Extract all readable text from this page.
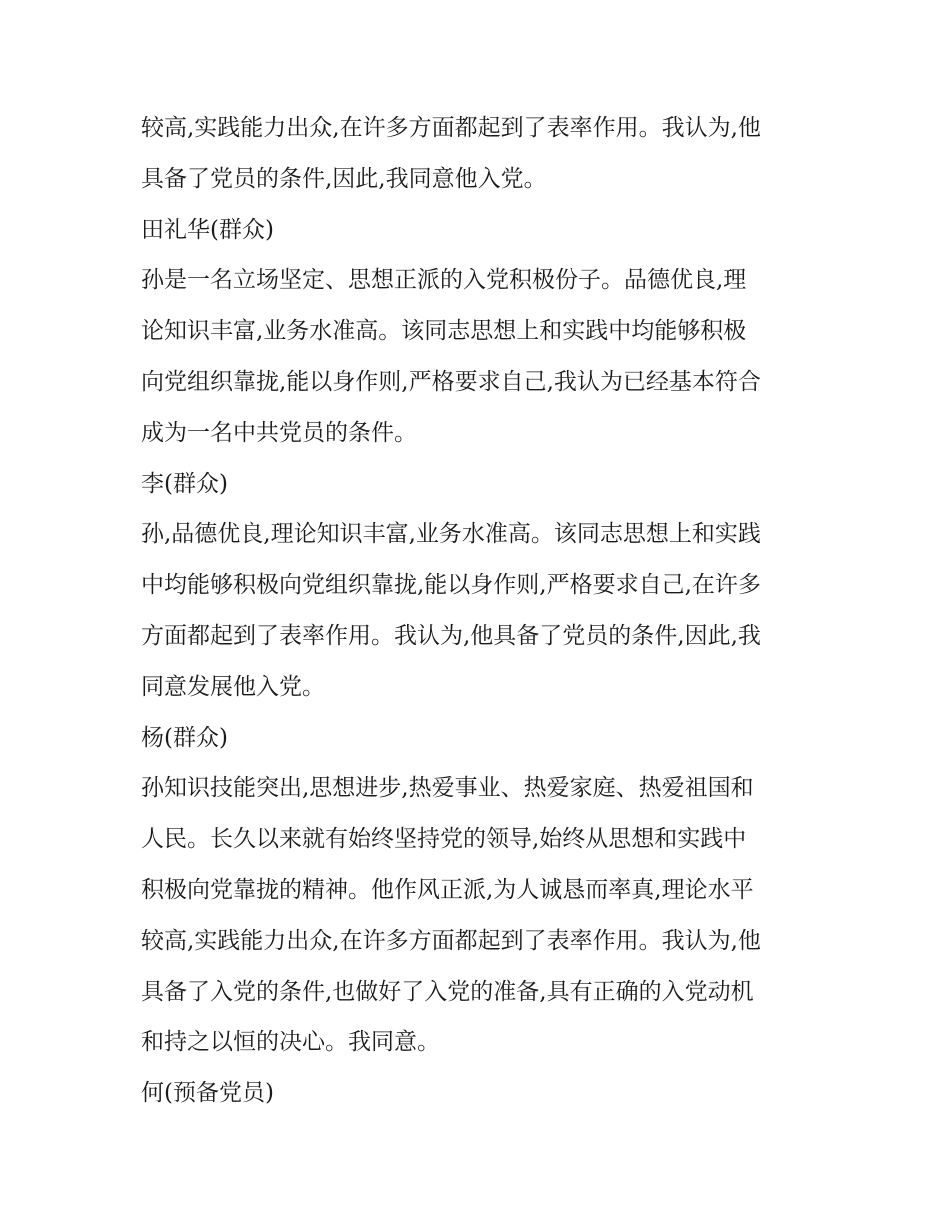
较高,实践能力出众,在许多方面都起到了表率作用。我认为,他
具备了党员的条件,因此,我同意他入党。
田礼华(群众)
孙是一名立场坚定、思想正派的入党积极份子。品德优良,理
论知识丰富,业务水准高。该同志思想上和实践中均能够积极
向党组织靠拢,能以身作则,严格要求自己,我认为已经基本符合
成为一名中共党员的条件。
李(群众)
孙,品德优良,理论知识丰富,业务水准高。该同志思想上和实践
中均能够积极向党组织靠拢,能以身作则,严格要求自己,在许多
方面都起到了表率作用。我认为,他具备了党员的条件,因此,我
同意发展他入党。
杨(群众)
孙知识技能突出,思想进步,热爱事业、热爱家庭、热爱祖国和
人民。长久以来就有始终坚持党的领导,始终从思想和实践中
积极向党靠拢的精神。他作风正派,为人诚恳而率真,理论水平
较高,实践能力出众,在许多方面都起到了表率作用。我认为,他
具备了入党的条件,也做好了入党的准备,具有正确的入党动机
和持之以恒的决心。我同意。
何(预备党员)
